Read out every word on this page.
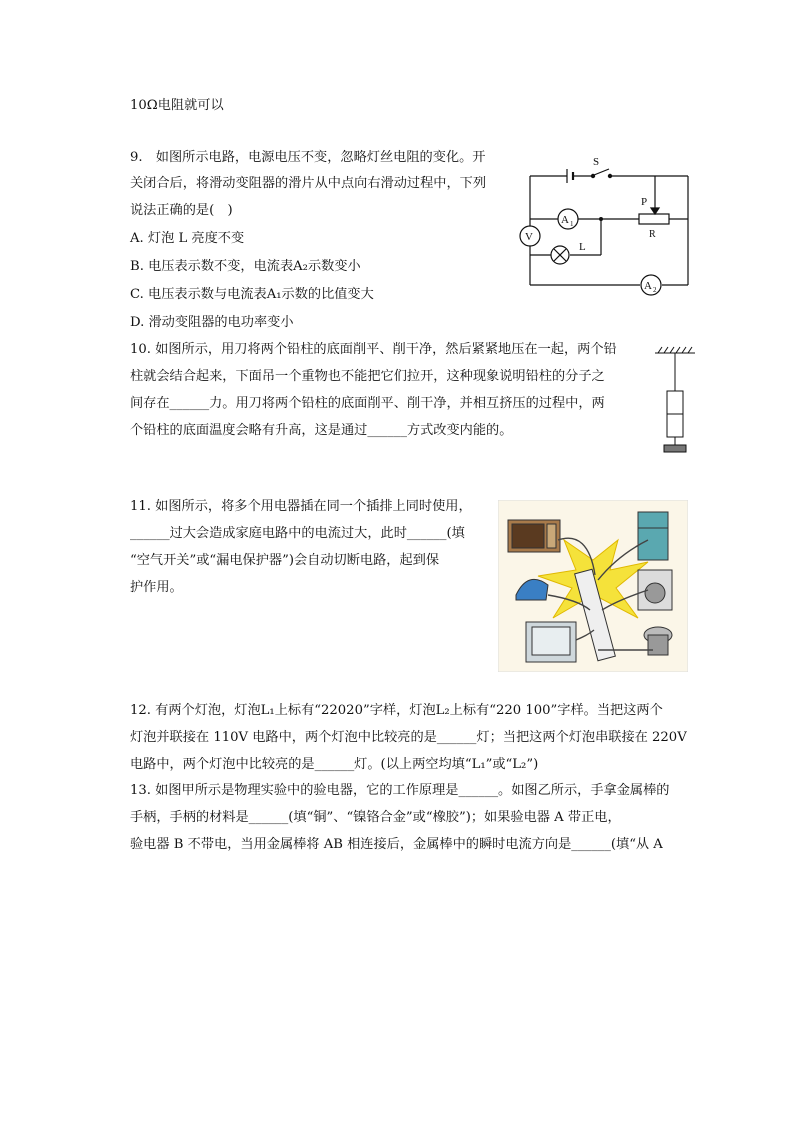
10Ω电阻就可以
9.　如图所示电路，电源电压不变，忽略灯丝电阻的变化。开
关闭合后，将滑动变阻器的滑片从中点向右滑动过程中，下列
说法正确的是(　)
A. 灯泡 L 亮度不变
B. 电压表示数不变，电流表A₂示数变小
C. 电压表示数与电流表A₁示数的比值变大
D. 滑动变阻器的电功率变小
10. 如图所示，用刀将两个铅柱的底面削平、削干净，然后紧紧地压在一起，两个铅
柱就会结合起来，下面吊一个重物也不能把它们拉开，这种现象说明铅柱的分子之
间存在______力。用刀将两个铅柱的底面削平、削干净，并相互挤压的过程中，两
个铅柱的底面温度会略有升高，这是通过______方式改变内能的。
11. 如图所示，将多个用电器插在同一个插排上同时使用，
______过大会造成家庭电路中的电流过大，此时______(填
“空气开关”或“漏电保护器”)会自动切断电路，起到保
护作用。
12. 有两个灯泡，灯泡L₁上标有“22020”字样，灯泡L₂上标有“220 100”字样。当把这两个
灯泡并联接在 110V 电路中，两个灯泡中比较亮的是______灯；当把这两个灯泡串联接在 220V
电路中，两个灯泡中比较亮的是______灯。(以上两空均填“L₁”或“L₂”)
13. 如图甲所示是物理实验中的验电器，它的工作原理是______。如图乙所示，手拿金属棒的
手柄，手柄的材料是______(填“铜”、“镍铬合金”或“橡胶”)；如果验电器 A 带正电，
验电器 B 不带电，当用金属棒将 AB 相连接后，金属棒中的瞬时电流方向是______(填“从 A
S
P
R
L
V
A 1
A 2
